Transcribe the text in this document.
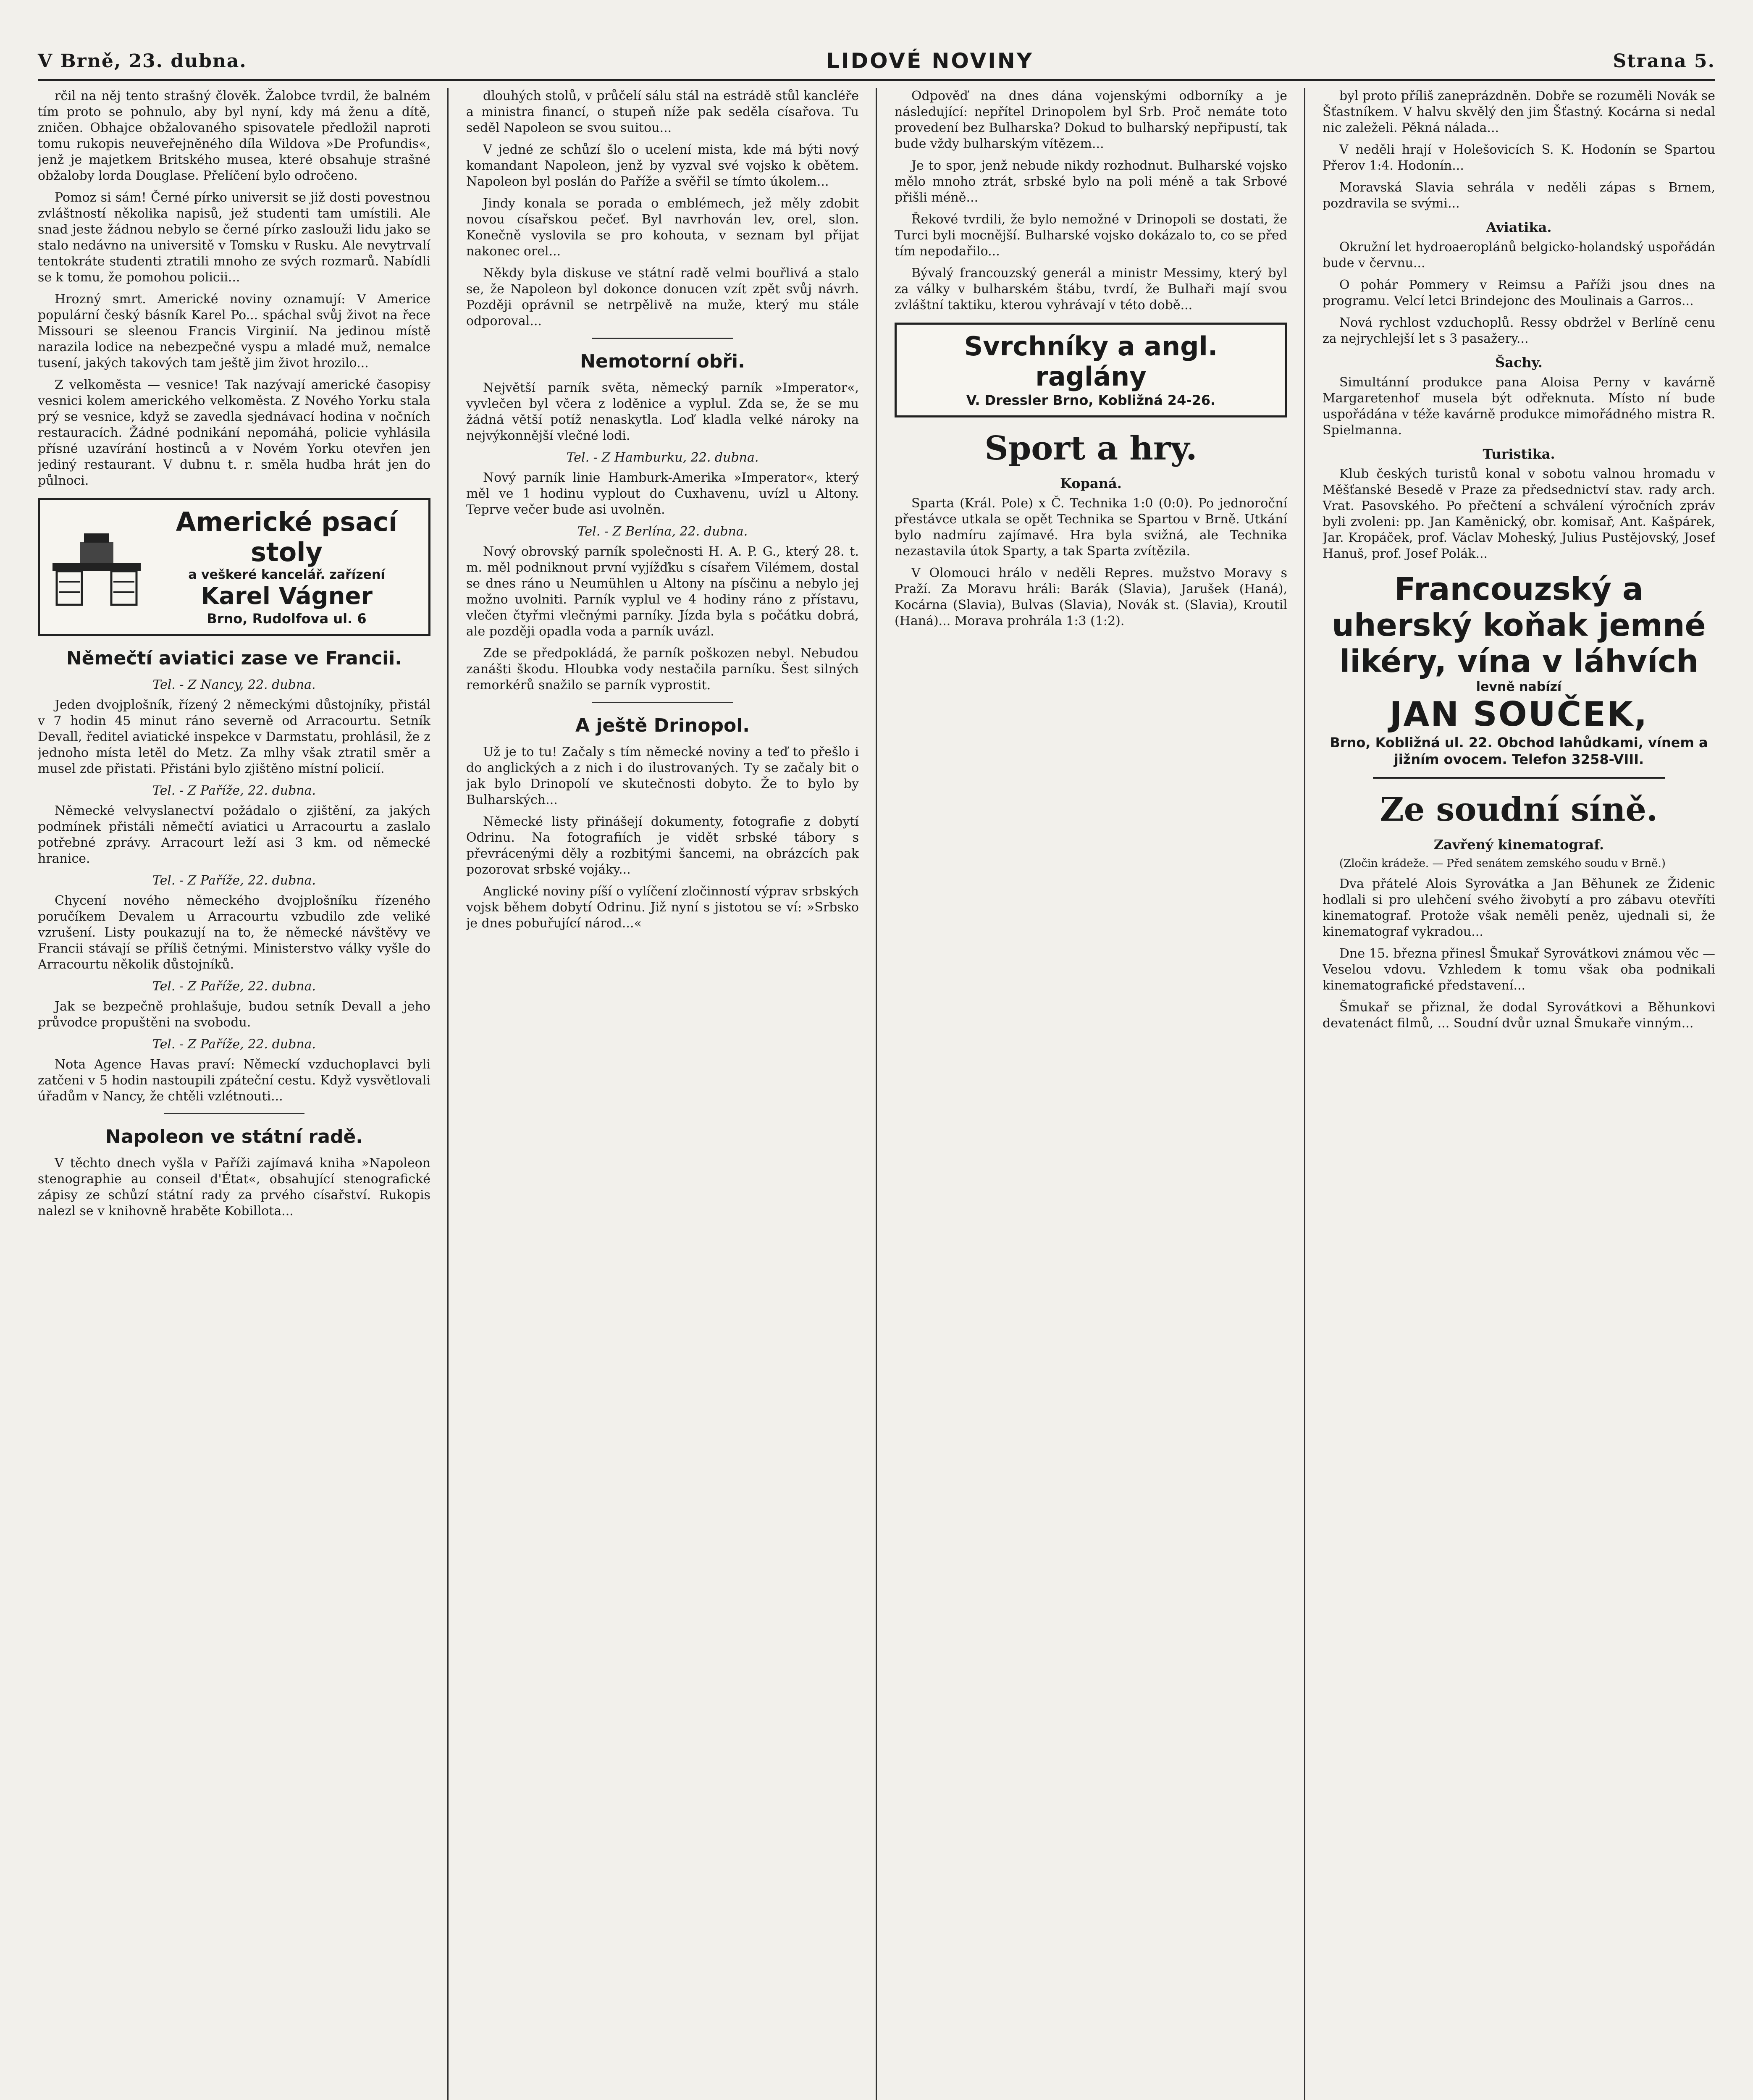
V Brně, 23. dubna.	LIDOVÉ NOVINY	Strana 5.

rčil na něj tento strašný člověk. Žalobce tvrdil, že balném tím proto se pohnulo, aby byl nyní, kdy má ženu a dítě, zničen. Obhajce obžalovaného spisovatele předložil naproti tomu rukopis neuveřejněného díla Wildova »De Profundis«, jenž je majetkem Britského musea, které obsahuje strašné obžaloby lorda Douglase. Přelíčení bylo odročeno.

Pomoz si sám! Černé pírko universit se již dosti povestnou zvláštností několika napisů, jež studenti tam umístili. Ale snad jeste žádnou nebylo se černé pírko zaslouži lidu jako se stalo nedávno na universitě v Tomsku v Rusku. Ale nevytrvalí tentokráte studenti ztratili mnoho ze svých rozmarů. Nabídli se k tomu, že pomohou policii...

Hrozný smrt. Americké noviny oznamují: V Americe populární český básník Karel Po... spáchal svůj život na řece Missouri se sleenou Francis Virginií. Na jedinou místě narazila lodice na nebezpečné vyspu a mladé muž, nemalce tusení, jakých takových tam ještě jim život hrozilo...

Z velkoměsta — vesnice! Tak nazývají americké časopisy vesnici kolem amerického velkoměsta. Z Nového Yorku stala prý se vesnice, když se zavedla sjednávací hodina v nočních restauracích. Žádné podnikání nepomáhá, policie vyhlásila přísné uzavírání hostinců a v Novém Yorku otevřen jen jediný restaurant. V dubnu t. r. směla hudba hrát jen do půlnoci.

Americké psací stoly
a veškeré kancelář. zařízení
Karel Vágner
Brno, Rudolfova ul. 6
Němečtí aviatici zase ve Francii.
Tel. - Z Nancy, 22. dubna.

Jeden dvojplošník, řízený 2 německými důstojníky, přistál v 7 hodin 45 minut ráno severně od Arracourtu. Setník Devall, ředitel aviatické inspekce v Darmstatu, prohlásil, že z jednoho místa letěl do Metz. Za mlhy však ztratil směr a musel zde přistati. Přistáni bylo zjištěno místní policií.

Tel. - Z Paříže, 22. dubna.

Německé velvyslanectví požádalo o zjištění, za jakých podmínek přistáli němečtí aviatici u Arracourtu a zaslalo potřebné zprávy. Arracourt leží asi 3 km. od německé hranice.

Tel. - Z Paříže, 22. dubna.

Chycení nového německého dvojplošníku řízeného poručíkem Devalem u Arracourtu vzbudilo zde veliké vzrušení. Listy poukazují na to, že německé návštěvy ve Francii stávají se příliš četnými. Ministerstvo války vyšle do Arracourtu několik důstojníků.

Tel. - Z Paříže, 22. dubna.

Jak se bezpečně prohlašuje, budou setník Devall a jeho průvodce propuštěni na svobodu.

Tel. - Z Paříže, 22. dubna.

Nota Agence Havas praví: Německí vzduchoplavci byli zatčeni v 5 hodin nastoupili zpáteční cestu. Když vysvětlovali úřadům v Nancy, že chtěli vzlétnouti...

Napoleon ve státní radě.

V těchto dnech vyšla v Paříži zajímavá kniha »Napoleon stenographie au conseil d'État«, obsahující stenografické zápisy ze schůzí státní rady za prvého císařství. Rukopis nalezl se v knihovně hraběte Kobillota...

dlouhých stolů, v průčelí sálu stál na estrádě stůl kancléře a ministra financí, o stupeň níže pak seděla císařova. Tu seděl Napoleon se svou suitou...

V jedné ze schůzí šlo o ucelení mista, kde má býti nový komandant Napoleon, jenž by vyzval své vojsko k obětem. Napoleon byl poslán do Paříže a svěřil se tímto úkolem...

Jindy konala se porada o emblémech, jež měly zdobit novou císařskou pečeť. Byl navrhován lev, orel, slon. Konečně vyslovila se pro kohouta, v seznam byl přijat nakonec orel...

Někdy byla diskuse ve státní radě velmi bouřlivá a stalo se, že Napoleon byl dokonce donucen vzít zpět svůj návrh. Později oprávnil se netrpělivě na muže, který mu stále odporoval...

Nemotorní obři.

Největší parník světa, německý parník »Imperator«, vyvlečen byl včera z loděnice a vyplul. Zda se, že se mu žádná větší potíž nenaskytla. Loď kladla velké nároky na nejvýkonnější vlečné lodi.

Tel. - Z Hamburku, 22. dubna.

Nový parník linie Hamburk-Amerika »Imperator«, který měl ve 1 hodinu vyplout do Cuxhavenu, uvízl u Altony. Teprve večer bude asi uvolněn.

Tel. - Z Berlína, 22. dubna.

Nový obrovský parník společnosti H. A. P. G., který 28. t. m. měl podniknout první vyjížďku s císařem Vilémem, dostal se dnes ráno u Neumühlen u Altony na písčinu a nebylo jej možno uvolniti. Parník vyplul ve 4 hodiny ráno z přístavu, vlečen čtyřmi vlečnými parníky. Jízda byla s počátku dobrá, ale později opadla voda a parník uvázl.

Zde se předpokládá, že parník poškozen nebyl. Nebudou zanášti škodu. Hloubka vody nestačila parníku. Šest silných remorkérů snažilo se parník vyprostit.

A ještě Drinopol.

Už je to tu! Začaly s tím německé noviny a teď to přešlo i do anglických a z nich i do ilustrovaných. Ty se začaly bit o jak bylo Drinopolí ve skutečnosti dobyto. Že to bylo by Bulharských...

Německé listy přinášejí dokumenty, fotografie z dobytí Odrinu. Na fotografiích je vidět srbské tábory s převrácenými děly a rozbitými šancemi, na obrázcích pak pozorovat srbské vojáky...

Anglické noviny píší o vylíčení zločinností výprav srbských vojsk během dobytí Odrinu. Již nyní s jistotou se ví: »Srbsko je dnes pobuřující národ...«

Odpověď na dnes dána vojenskými odborníky a je následující: nepřítel Drinopolem byl Srb. Proč nemáte toto provedení bez Bulharska? Dokud to bulharský nepřipustí, tak bude vždy bulharským vítězem...

Je to spor, jenž nebude nikdy rozhodnut. Bulharské vojsko mělo mnoho ztrát, srbské bylo na poli méně a tak Srbové přišli méně...

Řekové tvrdili, že bylo nemožné v Drinopoli se dostati, že Turci byli mocnější. Bulharské vojsko dokázalo to, co se před tím nepodařilo...

Bývalý francouzský generál a ministr Messimy, který byl za války v bulharském štábu, tvrdí, že Bulhaři mají svou zvláštní taktiku, kterou vyhrávají v této době...

Svrchníky a angl. raglány
V. Dressler Brno, Kobližná 24-26.
Sport a hry.
Kopaná.

Sparta (Král. Pole) x Č. Technika 1:0 (0:0). Po jednoroční přestávce utkala se opět Technika se Spartou v Brně. Utkání bylo nadmíru zajímavé. Hra byla svižná, ale Technika nezastavila útok Sparty, a tak Sparta zvítězila.

V Olomouci hrálo v neděli Repres. mužstvo Moravy s Praží. Za Moravu hráli: Barák (Slavia), Jarušek (Haná), Kocárna (Slavia), Bulvas (Slavia), Novák st. (Slavia), Kroutil (Haná)... Morava prohrála 1:3 (1:2).

byl proto příliš zaneprázdněn. Dobře se rozuměli Novák se Šťastníkem. V halvu skvělý den jim Šťastný. Kocárna si nedal nic zaleželi. Pěkná nálada...

V neděli hrají v Holešovicích S. K. Hodonín se Spartou Přerov 1:4. Hodonín...

Moravská Slavia sehrála v neděli zápas s Brnem, pozdravila se svými...

Aviatika.

Okružní let hydroaeroplánů belgicko-holandský uspořádán bude v červnu...

O pohár Pommery v Reimsu a Paříži jsou dnes na programu. Velcí letci Brindejonc des Moulinais a Garros...

Nová rychlost vzduchoplů. Ressy obdržel v Berlíně cenu za nejrychlejší let s 3 pasažery...

Šachy.

Simultánní produkce pana Aloisa Perny v kavárně Margaretenhof musela být odřeknuta. Místo ní bude uspořádána v téže kavárně produkce mimořádného mistra R. Spielmanna.

Turistika.

Klub českých turistů konal v sobotu valnou hromadu v Měšťanské Besedě v Praze za předsednictví stav. rady arch. Vrat. Pasovského. Po přečtení a schválení výročních zpráv byli zvoleni: pp. Jan Kaměnický, obr. komisař, Ant. Kašpárek, Jar. Kropáček, prof. Václav Moheský, Julius Pustějovský, Josef Hanuš, prof. Josef Polák...

Francouzský a uherský koňak jemné likéry, vína v láhvích
levně nabízí
JAN SOUČEK,
Brno, Kobližná ul. 22. Obchod lahůdkami, vínem a jižním ovocem. Telefon 3258-VIII.
Ze soudní síně.
Zavřený kinematograf.

(Zločin krádeže. — Před senátem zemského soudu v Brně.)

Dva přátelé Alois Syrovátka a Jan Běhunek ze Židenic hodlali si pro ulehčení svého živobytí a pro zábavu otevříti kinematograf. Protože však neměli peněz, ujednali si, že kinematograf vykradou...

Dne 15. března přinesl Šmukař Syrovátkovi známou věc — Veselou vdovu. Vzhledem k tomu však oba podnikali kinematografické představení...

Šmukař se přiznal, že dodal Syrovátkovi a Běhunkovi devatenáct filmů, ... Soudní dvůr uznal Šmukaře vinným...
